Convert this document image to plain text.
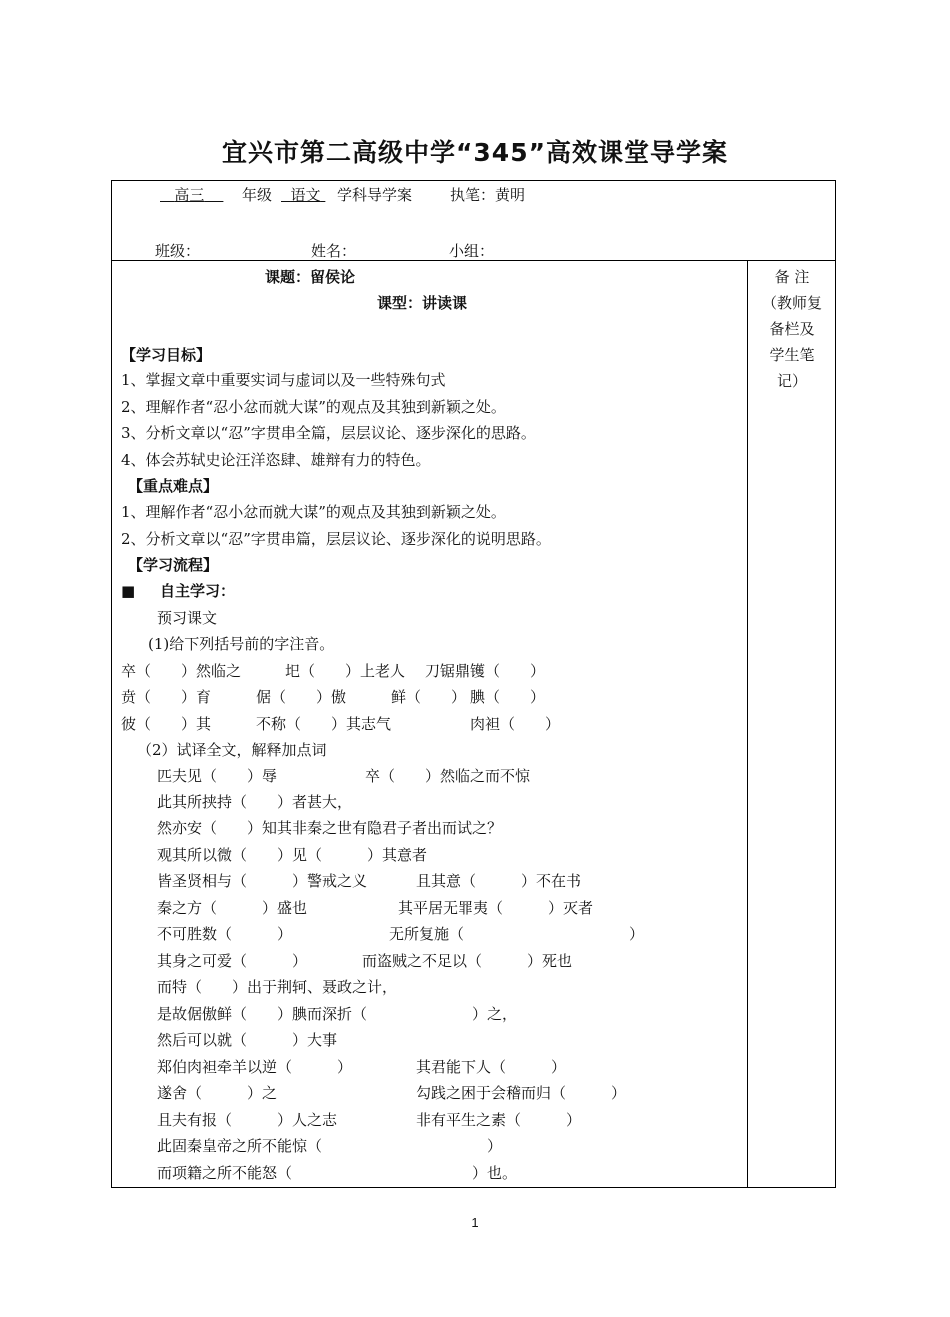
宜兴市第二高级中学“345”高效课堂导学案
高三	年级	语文	学科导学案	执笔：黄明
班级：	姓名：	小组：
备 注
（教师复
备栏及
学生笔
记）
课题：留侯论
课型：讲读课
【学习目标】
1、掌握文章中重要实词与虚词以及一些特殊句式
2、理解作者“忍小忿而就大谋”的观点及其独到新颖之处。
3、分析文章以“忍”字贯串全篇，层层议论、逐步深化的思路。
4、体会苏轼史论汪洋恣肆、雄辩有力的特色。
【重点难点】
1、理解作者“忍小忿而就大谋”的观点及其独到新颖之处。
2、分析文章以“忍”字贯串篇，层层议论、逐步深化的说明思路。
【学习流程】
■ 自主学习：
预习课文
(1)给下列括号前的字注音。
卒（　　）然临之	圯（　　）上老人 刀锯鼎镬（　　）
贲（　　）育	倨（　　）傲	鲜（　　） 腆（　　）
彼（　　）其	不称（　　）其志气	肉袒（　　）
（2）试译全文，解释加点词
匹夫见（　　）辱	卒（　　）然临之而不惊
此其所挟持（　　）者甚大，
然亦安（　　）知其非秦之世有隐君子者出而试之？
观其所以微（　　）见（　　　）其意者
皆圣贤相与（　　　）警戒之义	且其意（　　　）不在书
秦之方（　　　）盛也	其平居无罪夷（　　　）灭者
不可胜数（　　　）	无所复施（　　　　　　　　　　　）
其身之可爱（　　　）	而盗贼之不足以（　　　）死也
而特（　　）出于荆轲、聂政之计，
是故倨傲鲜（　　）腆而深折（　　　　　　　）之，
然后可以就（　　　）大事
郑伯肉袒牵羊以逆（　　　）	其君能下人（　　　）
遂舍（　　　）之	勾践之困于会稽而归（　　　）
且夫有报（　　　）人之志	非有平生之素（　　　）
此固秦皇帝之所不能惊（　　　　　　　　　　　）
而项籍之所不能怒（　　　　　　　　　　　　）也。
1
